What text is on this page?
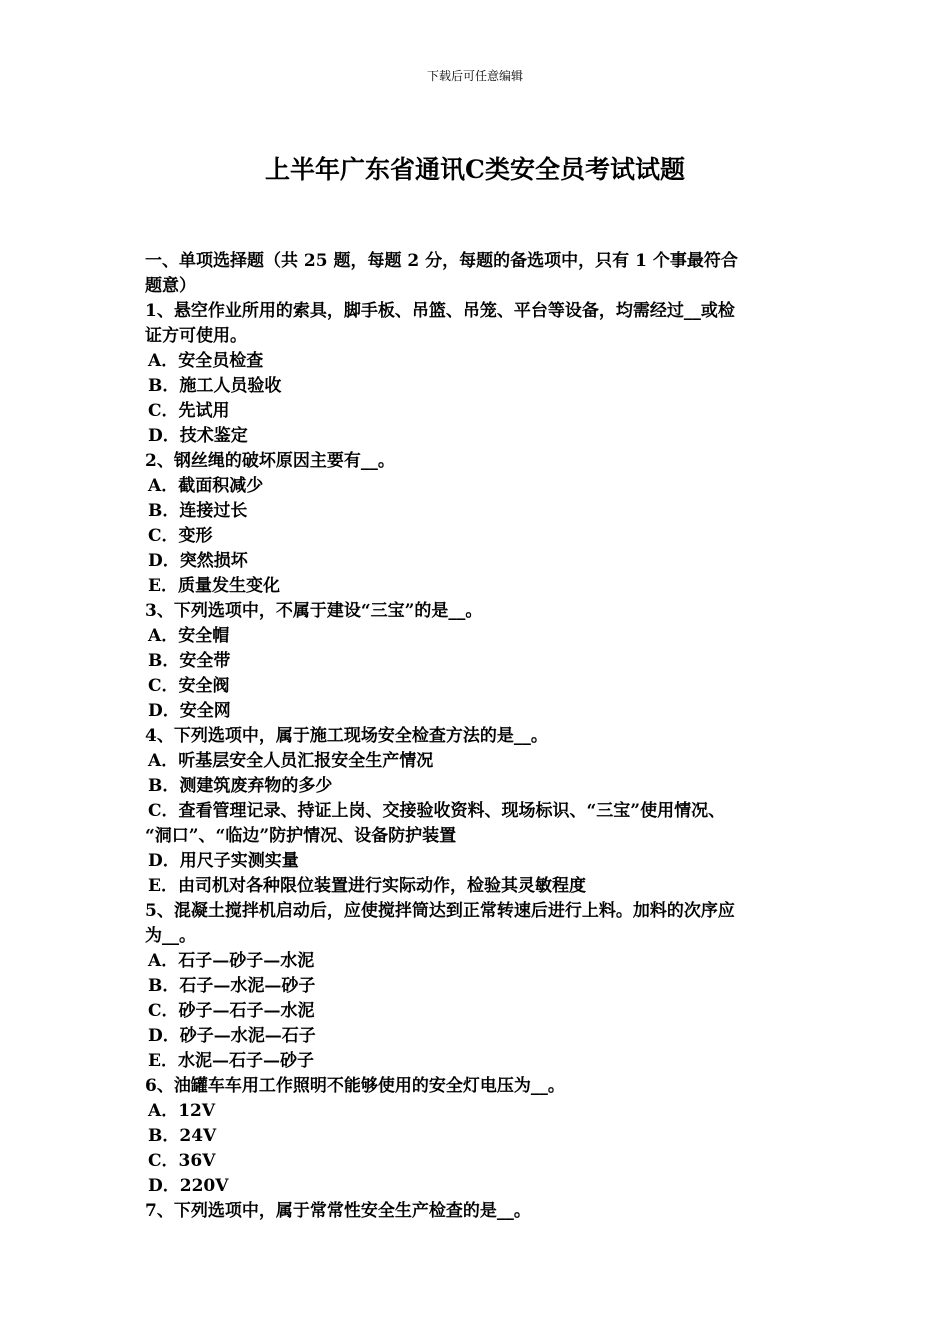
下载后可任意编辑
上半年广东省通讯C类安全员考试试题

一、单项选择题（共 25 题，每题 2 分，每题的备选项中，只有 1 个事最符合

题意）

1、悬空作业所用的索具，脚手板、吊篮、吊笼、平台等设备，均需经过__或检

证方可使用。

A．安全员检查

B．施工人员验收

C．先试用

D．技术鉴定

2、钢丝绳的破坏原因主要有__。

A．截面积减少

B．连接过长

C．变形

D．突然损坏

E．质量发生变化

3、下列选项中，不属于建设“三宝”的是__。

A．安全帽

B．安全带

C．安全阀

D．安全网

4、下列选项中，属于施工现场安全检查方法的是__。

A．听基层安全人员汇报安全生产情况

B．测建筑废弃物的多少

C．查看管理记录、持证上岗、交接验收资料、现场标识、“三宝”使用情况、

“洞口”、“临边”防护情况、设备防护装置

D．用尺子实测实量

E．由司机对各种限位装置进行实际动作，检验其灵敏程度

5、混凝土搅拌机启动后，应使搅拌筒达到正常转速后进行上料。加料的次序应

为__。

A．石子—砂子—水泥

B．石子—水泥—砂子

C．砂子—石子—水泥

D．砂子—水泥—石子

E．水泥—石子—砂子

6、油罐车车用工作照明不能够使用的安全灯电压为__。

A．12V

B．24V

C．36V

D．220V

7、下列选项中，属于常常性安全生产检查的是__。
